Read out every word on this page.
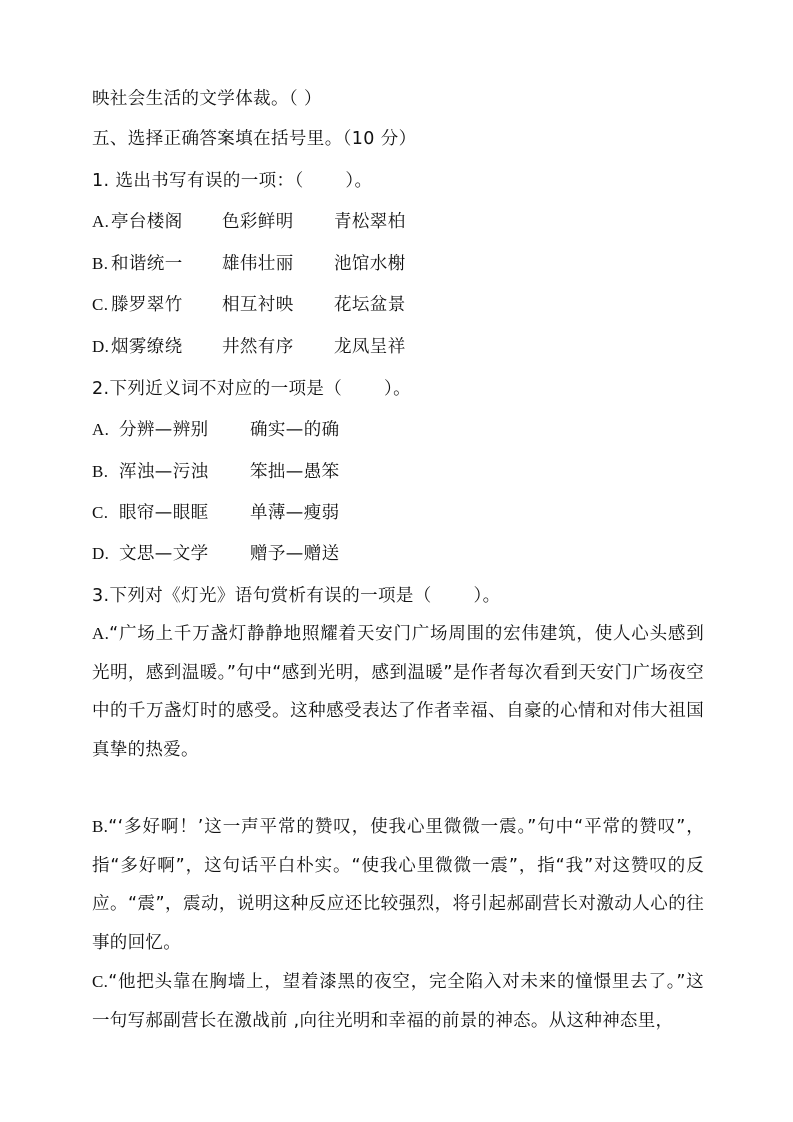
映社会生活的文学体裁。（ ）
五、选择正确答案填在括号里。（10 分）
1. 选出书写有误的一项：（　　 ）。
A. 亭台楼阁 色彩鲜明 青松翠柏
B. 和谐统一 雄伟壮丽 池馆水榭
C. 滕罗翠竹 相互衬映 花坛盆景
D. 烟雾缭绕 井然有序 龙凤呈祥
2.下列近义词不对应的一项是（　　 ）。
A. 分辨—辨别 确实—的确
B. 浑浊—污浊 笨拙—愚笨
C. 眼帘—眼眶 单薄—瘦弱
D. 文思—文学 赠予—赠送
3.下列对《灯光》语句赏析有误的一项是（　　 ）。
A.“广场上千万盏灯静静地照耀着天安门广场周围的宏伟建筑，使人心头感到光明，感到温暖。”句中“感到光明，感到温暖”是作者每次看到天安门广场夜空中的千万盏灯时的感受。这种感受表达了作者幸福、自豪的心情和对伟大祖国真挚的热爱。
B.“‘多好啊！’这一声平常的赞叹，使我心里微微一震。”句中“平常的赞叹”，指“多好啊”，这句话平白朴实。“使我心里微微一震”，指“我”对这赞叹的反应。“震”，震动，说明这种反应还比较强烈，将引起郝副营长对激动人心的往事的回忆。
C.“他把头靠在胸墙上，望着漆黑的夜空，完全陷入对未来的憧憬里去了。”这一句写郝副营长在激战前 ,向往光明和幸福的前景的神态。从这种神态里，
